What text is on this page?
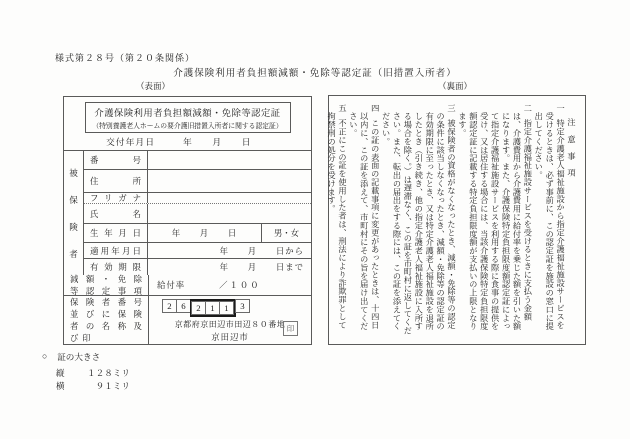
様式第２８号（第２０条関係）
介護保険利用者負担額減額・免除等認定証（旧措置入所者）
（表面）	（裏面）
介護保険利用者負担額減額・免除等認定証
（特別養護老人ホームの要介護旧措置入所者に関する認定証）
交付年月日	年　　月　　日
被
保
険
者
番号
住所
フリガナ
氏名
生年月日	年　　月　　日	男・女
適用年月日	年　　月　　日から
有効期限	年　　月　　日まで
減額・免除
等認定事項
給付率	／１００
保険者番号
並びに保険
者の名称及
び印
2	6	2	1	1	3
京都府京田辺市田辺８０番地
京田辺市
印

注　意　事　項

一特定介護老人福祉施設から指定介護福祉施設サービスを受けるときは、必ず事前に、この認定証を施設の窓口に提出してください。

二指定介護福祉施設サービスを受けるときに支払う金額は、介護費用から介護費用に給付率を乗じた額を引いた額になります。また、介護保険特定負担限度額認定証によって指定介護福祉施設サービスを利用する際に食事の提供を受け、又は居住する場合には、当該介護保険特定負担限度額認定証に記載する特定負担限度額が支払いの上限となります。

三被保険者の資格がなくなったとき、減額・免除等の認定の条件に該当しなくなったとき、減額・免除等の認定証の有効期限に至ったとき、又は特定介護老人福祉施設を退所したとき（引き続き、他の指定介護老人福祉施設に入所する場合を除く。）は遅滞なく、この証を市町村に返してください。また、転出の届出をする際には、この証を添えてください。

四この証の表面の記載事項に変更があったときは、十四日以内に、この証を添えて、市町村にその旨を届け出てください。

五不正にこの証を使用した者は、刑法により詐欺罪として拘禁刑の処分を受けます。

○ 証の大きさ
縦	１２８ミリ
横	９１ミリ
